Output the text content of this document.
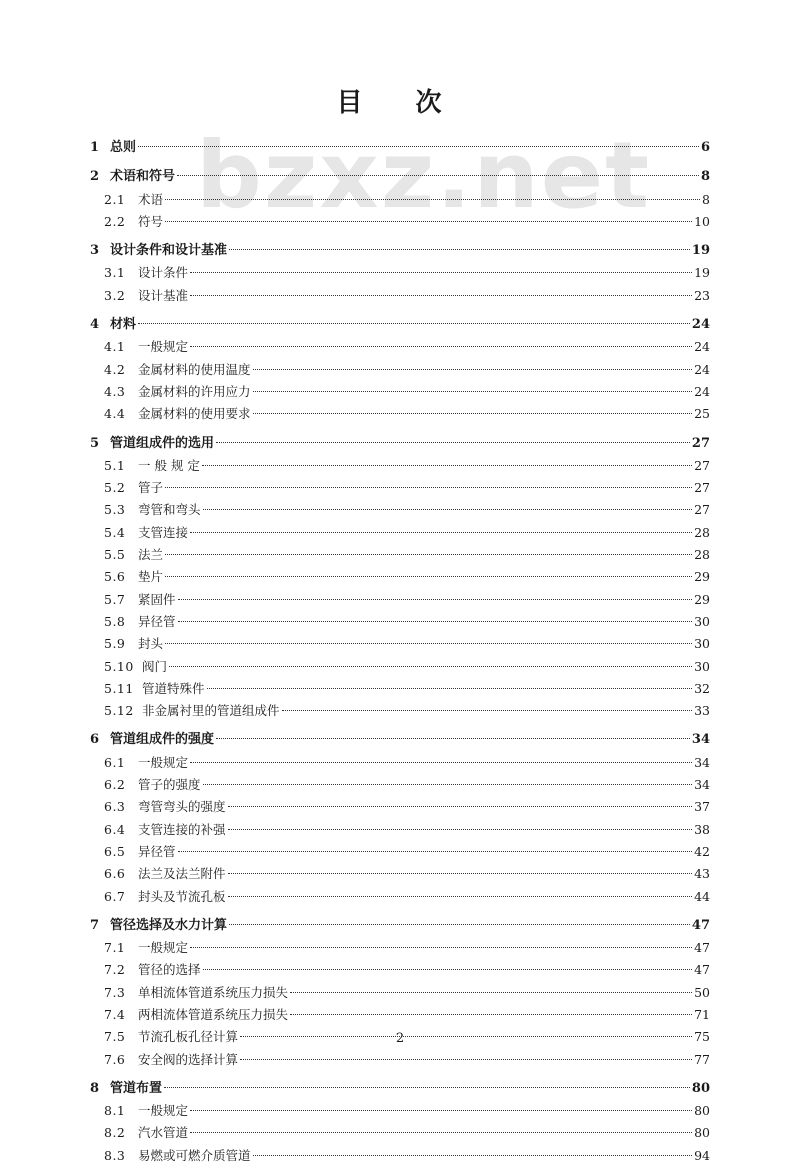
bzxz.net
目 次
1 总则	6
2 术语和符号	8
2.1	术语	8
2.2	符号	10
3 设计条件和设计基准	19
3.1	设计条件	19
3.2	设计基准	23
4 材料	24
4.1	一般规定	24
4.2	金属材料的使用温度	24
4.3	金属材料的许用应力	24
4.4	金属材料的使用要求	25
5 管道组成件的选用	27
5.1	一 般 规 定	27
5.2	管子	27
5.3	弯管和弯头	27
5.4	支管连接	28
5.5	法兰	28
5.6	垫片	29
5.7	紧固件	29
5.8	异径管	30
5.9	封头	30
5.10 阀门	30
5.11 管道特殊件	32
5.12 非金属衬里的管道组成件	33
6 管道组成件的强度	34
6.1	一般规定	34
6.2	管子的强度	34
6.3	弯管弯头的强度	37
6.4	支管连接的补强	38
6.5	异径管	42
6.6	法兰及法兰附件	43
6.7	封头及节流孔板	44
7 管径选择及水力计算	47
7.1	一般规定	47
7.2	管径的选择	47
7.3	单相流体管道系统压力损失	50
7.4	两相流体管道系统压力损失	71
7.5	节流孔板孔径计算	75
7.6	安全阀的选择计算	77
8 管道布置	80
8.1	一般规定	80
8.2	汽水管道	80
8.3	易燃或可燃介质管道	94
2
